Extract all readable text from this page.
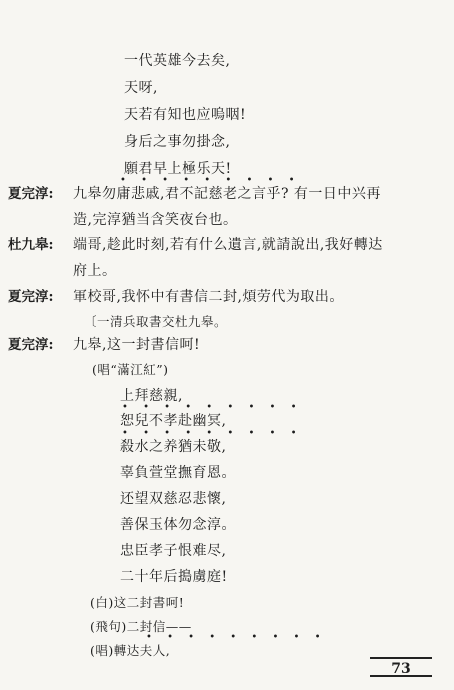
一代英雄今去矣,
天呀,
天若有知也应嗚咽!
身后之事勿掛念,
願君早上極乐天!
• • • • • • • • •
夏完淳: 九皋勿庸悲戚,君不記慈老之言乎? 有一日中兴再
造,完淳猶当含笑夜台也。
杜九皋: 端哥,趁此时刻,若有什么遺言,就請說出,我好轉达
府上。
夏完淳: 軍校哥,我怀中有書信二封,煩劳代为取出。
〔一清兵取書交杜九皋。
夏完淳: 九皋,这一封書信呵!
(唱“滿江紅”)
上拜慈親,
• • • • • • • • •
恕兒不孝赴幽冥,
• • • • • • • • •
殺水之养猶未敬,
辜負萱堂撫育恩。
还望双慈忍悲懷,
善保玉体勿念淳。
忠臣孝子恨难尽,
二十年后搗虜庭!
(白)这二封書呵!
(飛句)二封信——
• • • • • • • • •
(唱)轉达夫人,
73
